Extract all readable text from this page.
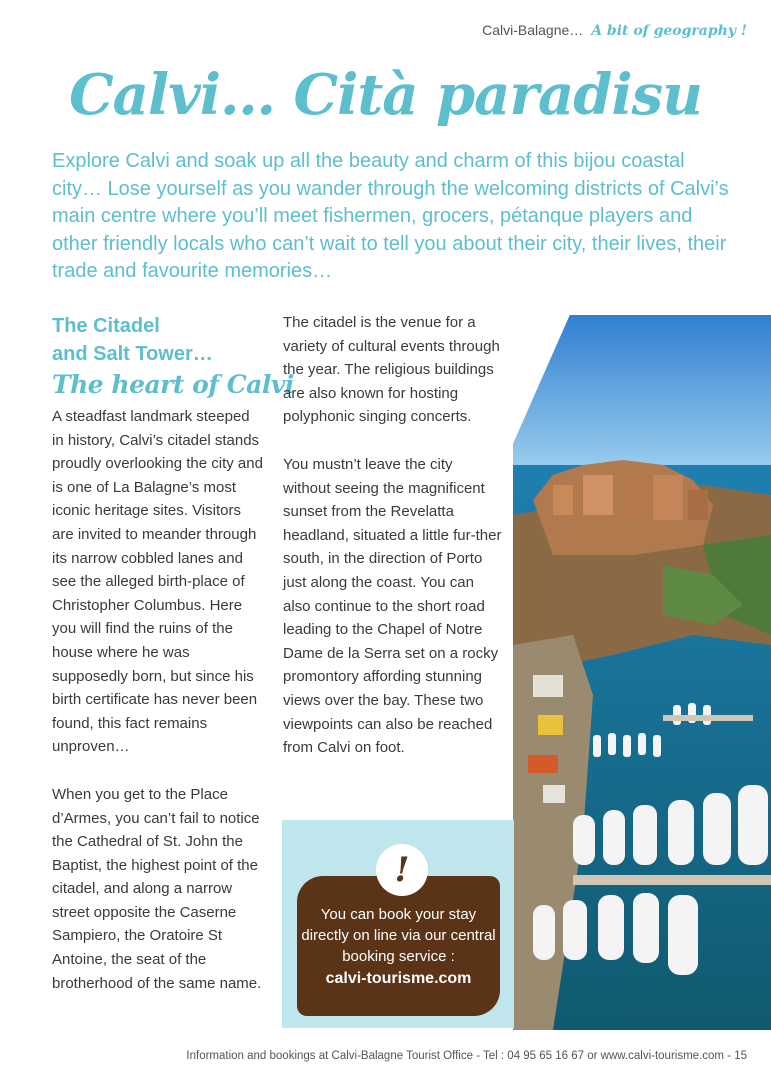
Calvi-Balagne… A bit of geography !
Calvi… Cità paradisu
Explore Calvi and soak up all the beauty and charm of this bijou coastal city… Lose yourself as you wander through the welcoming districts of Calvi’s main centre where you’ll meet fishermen, grocers, pétanque players and other friendly locals who can’t wait to tell you about their city, their lives, their trade and favourite memories…
The Citadel
and Salt Tower…
The heart of Calvi

A steadfast landmark steeped in history, Calvi’s citadel stands proudly overlooking the city and is one of La Balagne’s most iconic heritage sites. Visitors are invited to meander through its narrow cobbled lanes and see the alleged birth-place of Christopher Columbus. Here you will find the ruins of the house where he was supposedly born, but since his birth certificate has never been found, this fact remains unproven…

When you get to the Place d’Armes, you can’t fail to notice the Cathedral of St. John the Baptist, the highest point of the citadel, and along a narrow street opposite the Caserne Sampiero, the Oratoire St Antoine, the seat of the brotherhood of the same name.

The citadel is the venue for a variety of cultural events through the year. The religious buildings are also known for hosting polyphonic singing concerts.

You mustn’t leave the city without seeing the magnificent sunset from the Revelatta headland, situated a little fur-ther south, in the direction of Porto just along the coast. You can also continue to the short road leading to the Chapel of Notre Dame de la Serra set on a rocky promontory affording stunning views over the bay. These two viewpoints can also be reached from Calvi on foot.

You can book your stay
directly on line via our central
booking service :
calvi-tourisme.com
!
Information and bookings at Calvi-Balagne Tourist Office - Tel : 04 95 65 16 67 or www.calvi-tourisme.com - 15
